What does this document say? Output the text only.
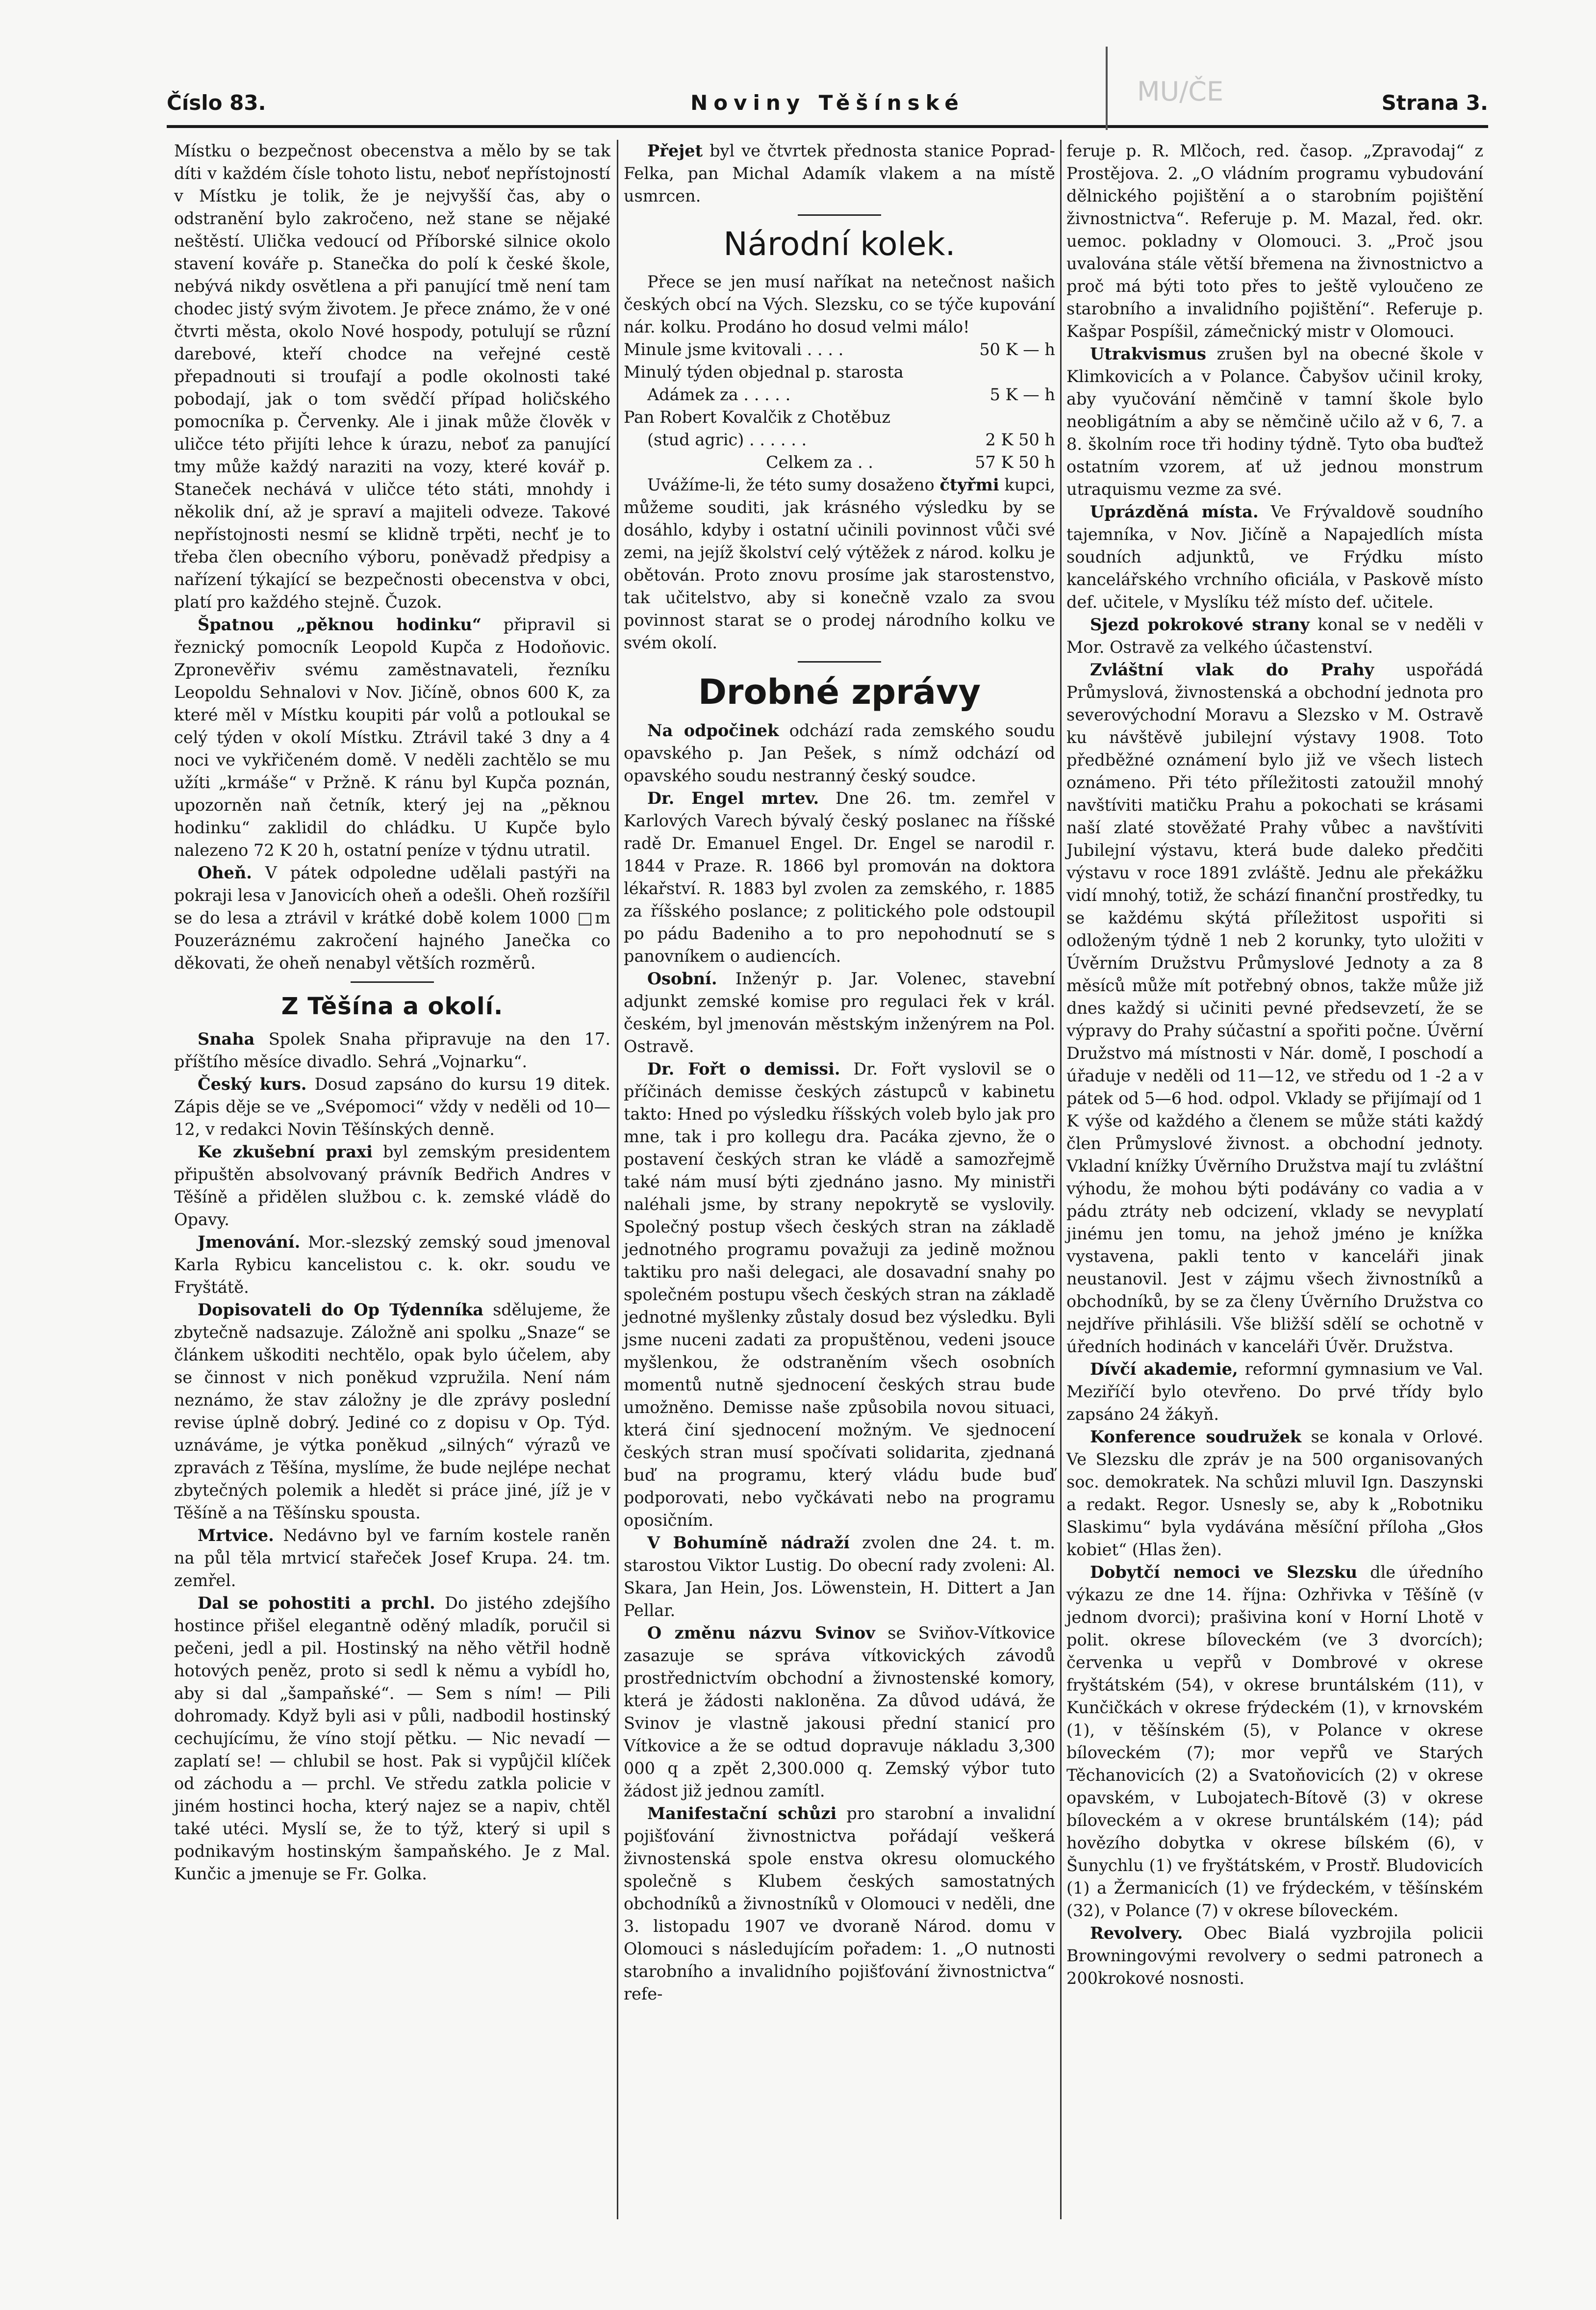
Číslo 83.	Noviny Těšínské	Strana 3.
MU/ČE

Místku o bezpečnost obecenstva a mělo by se tak díti v každém čísle tohoto listu, neboť nepřístojností v Místku je tolik, že je nejvyšší čas, aby o odstranění bylo zakročeno, než stane se nějaké neštěstí. Ulička vedoucí od Příborské silnice okolo stavení kováře p. Stanečka do polí k české škole, nebývá nikdy osvětlena a při panující tmě není tam chodec jistý svým životem. Je přece známo, že v oné čtvrti města, okolo Nové hospody, potulují se různí darebové, kteří chodce na veřejné cestě přepadnouti si troufají a podle okolnosti také pobodají, jak o tom svědčí případ holičského pomocníka p. Červenky. Ale i jinak může člověk v uličce této přijíti lehce k úrazu, neboť za panující tmy může každý naraziti na vozy, které kovář p. Staneček nechává v uličce této státi, mnohdy i několik dní, až je spraví a majiteli odveze. Takové nepřístojnosti nesmí se klidně trpěti, nechť je to třeba člen obecního výboru, poněvadž předpisy a nařízení týkající se bezpečnosti obecenstva v obci, platí pro každého stejně. Čuzok.

Špatnou „pěknou hodinku“ připravil si řeznický pomocník Leopold Kupča z Hodoňovic. Zpronevěřiv svému zaměstnavateli, řezníku Leopoldu Sehnalovi v Nov. Jičíně, obnos 600 K, za které měl v Místku koupiti pár volů a potloukal se celý týden v okolí Místku. Ztrávil také 3 dny a 4 noci ve vykřičeném domě. V neděli zachtělo se mu užíti „krmáše“ v Pržně. K ránu byl Kupča poznán, upozorněn naň četník, který jej na „pěknou hodinku“ zaklidil do chládku. U Kupče bylo nalezeno 72 K 20 h, ostatní peníze v týdnu utratil.

Oheň. V pátek odpoledne udělali pastýři na pokraji lesa v Janovicích oheň a odešli. Oheň rozšířil se do lesa a ztrávil v krátké době kolem 1000 □m Pouzeráznému zakročení hajného Janečka co děkovati, že oheň nenabyl větších rozměrů.

Z Těšína a okolí.

Snaha Spolek Snaha připravuje na den 17. příštího měsíce divadlo. Sehrá „Vojnarku“.

Český kurs. Dosud zapsáno do kursu 19 ditek. Zápis děje se ve „Svépomoci“ vždy v neděli od 10—12, v redakci Novin Těšínských denně.

Ke zkušební praxi byl zemským presidentem připuštěn absolvovaný právník Bedřich Andres v Těšíně a přidělen službou c. k. zemské vládě do Opavy.

Jmenování. Mor.-slezský zemský soud jmenoval Karla Rybicu kancelistou c. k. okr. soudu ve Fryštátě.

Dopisovateli do Op Týdenníka sdělujeme, že zbytečně nadsazuje. Záložně ani spolku „Snaze“ se článkem uškoditi nechtělo, opak bylo účelem, aby se činnost v nich poněkud vzpružila. Není nám neznámo, že stav záložny je dle zprávy poslední revise úplně dobrý. Jediné co z dopisu v Op. Týd. uznáváme, je výtka poněkud „silných“ výrazů ve zpravách z Těšína, myslíme, že bude nejlépe nechat zbytečných polemik a hledět si práce jiné, jíž je v Těšíně a na Těšínsku spousta.

Mrtvice. Nedávno byl ve farním kostele raněn na půl těla mrtvicí stařeček Josef Krupa. 24. tm. zemřel.

Dal se pohostiti a prchl. Do jistého zdejšího hostince přišel elegantně oděný mladík, poručil si pečeni, jedl a pil. Hostinský na něho větřil hodně hotových peněz, proto si sedl k němu a vybídl ho, aby si dal „šampaňské“. — Sem s ním! — Pili dohromady. Když byli asi v půli, nadbodil hostinský cechujícímu, že víno stojí pětku. — Nic nevadí — zaplatí se! — chlubil se host. Pak si vypůjčil klíček od záchodu a — prchl. Ve středu zatkla policie v jiném hostinci hocha, který najez se a napiv, chtěl také utéci. Myslí se, že to týž, který si upil s podnikavým hostinským šampaňského. Je z Mal. Kunčic a jmenuje se Fr. Golka.

Přejet byl ve čtvrtek přednosta stanice Poprad-Felka, pan Michal Adamík vlakem a na místě usmrcen.

Národní kolek.

Přece se jen musí naříkat na netečnost našich českých obcí na Vých. Slezsku, co se týče kupování nár. kolku. Prodáno ho dosud velmi málo!

Minule jsme kvitovali . . . .	50 K — h
Minulý týden objednal p. starosta
Adámek za . . . . .	5 K — h
Pan Robert Kovalčik z Chotěbuz
(stud agric) . . . . . .	2 K 50 h
Celkem za . .	57 K 50 h

Uvážíme-li, že této sumy dosaženo čtyřmi kupci, můžeme souditi, jak krásného výsledku by se dosáhlo, kdyby i ostatní učinili povinnost vůči své zemi, na jejíž školství celý výtěžek z národ. kolku je obětován. Proto znovu prosíme jak starostenstvo, tak učitelstvo, aby si konečně vzalo za svou povinnost starat se o prodej národního kolku ve svém okolí.

Drobné zprávy

Na odpočinek odchází rada zemského soudu opavského p. Jan Pešek, s nímž odchází od opavského soudu nestranný český soudce.

Dr. Engel mrtev. Dne 26. tm. zemřel v Karlových Varech bývalý český poslanec na říšské radě Dr. Emanuel Engel. Dr. Engel se narodil r. 1844 v Praze. R. 1866 byl promován na doktora lékařství. R. 1883 byl zvolen za zemského, r. 1885 za říšského poslance; z politického pole odstoupil po pádu Badeniho a to pro nepohodnutí se s panovníkem o audiencích.

Osobní. Inženýr p. Jar. Volenec, stavební adjunkt zemské komise pro regulaci řek v král. českém, byl jmenován městským inženýrem na Pol. Ostravě.

Dr. Fořt o demissi. Dr. Fořt vyslovil se o příčinách demisse českých zástupců v kabinetu takto: Hned po výsledku říšských voleb bylo jak pro mne, tak i pro kollegu dra. Pacáka zjevno, že o postavení českých stran ke vládě a samozřejmě také nám musí býti zjednáno jasno. My ministři naléhali jsme, by strany nepokrytě se vyslovily. Společný postup všech českých stran na základě jednotného programu považuji za jedině možnou taktiku pro naši delegaci, ale dosavadní snahy po společném postupu všech českých stran na základě jednotné myšlenky zůstaly dosud bez výsledku. Byli jsme nuceni zadati za propuštěnou, vedeni jsouce myšlenkou, že odstraněním všech osobních momentů nutně sjednocení českých strau bude umožněno. Demisse naše způsobila novou situaci, která činí sjednocení možným. Ve sjednocení českých stran musí spočívati solidarita, zjednaná buď na programu, který vládu bude buď podporovati, nebo vyčkávati nebo na programu oposičním.

V Bohumíně nádraží zvolen dne 24. t. m. starostou Viktor Lustig. Do obecní rady zvoleni: Al. Skara, Jan Hein, Jos. Löwenstein, H. Dittert a Jan Pellar.

O změnu názvu Svinov se Sviňov-Vítkovice zasazuje se správa vítkovických závodů prostřednictvím obchodní a živnostenské komory, která je žádosti nakloněna. Za důvod udává, že Svinov je vlastně jakousi přední stanicí pro Vítkovice a že se odtud dopravuje nákladu 3,300 000 q a zpět 2,300.000 q. Zemský výbor tuto žádost již jednou zamítl.

Manifestační schůzi pro starobní a invalidní pojišťování živnostnictva pořádají veškerá živnostenská spole enstva okresu olomuckého společně s Klubem českých samostatných obchodníků a živnostníků v Olomouci v neděli, dne 3. listopadu 1907 ve dvoraně Národ. domu v Olomouci s následujícím pořadem: 1. „O nutnosti starobního a invalidního pojišťování živnostnictva“ refe-

feruje p. R. Mlčoch, red. časop. „Zpravodaj“ z Prostějova. 2. „O vládním programu vybudování dělnického pojištění a o starobním pojištění živnostnictva“. Referuje p. M. Mazal, řed. okr. uemoc. pokladny v Olomouci. 3. „Proč jsou uvalována stále větší břemena na živnostnictvo a proč má býti toto přes to ještě vyloučeno ze starobního a invalidního pojištění“. Referuje p. Kašpar Pospíšil, zámečnický mistr v Olomouci.

Utrakvismus zrušen byl na obecné škole v Klimkovicích a v Polance. Čabyšov učinil kroky, aby vyučování němčině v tamní škole bylo neobligátním a aby se němčině učilo až v 6, 7. a 8. školním roce tři hodiny týdně. Tyto oba buďtež ostatním vzorem, ať už jednou monstrum utraquismu vezme za své.

Uprázděná místa. Ve Frývaldově soudního tajemníka, v Nov. Jičíně a Napajedlích místa soudních adjunktů, ve Frýdku místo kancelářského vrchního oficiála, v Paskově místo def. učitele, v Myslíku též místo def. učitele.

Sjezd pokrokové strany konal se v neděli v Mor. Ostravě za velkého účastenství.

Zvláštní vlak do Prahy uspořádá Průmyslová, živnostenská a obchodní jednota pro severovýchodní Moravu a Slezsko v M. Ostravě ku návštěvě jubilejní výstavy 1908. Toto předběžné oznámení bylo již ve všech listech oznámeno. Při této příležitosti zatoužil mnohý navštíviti matičku Prahu a pokochati se krásami naší zlaté stověžaté Prahy vůbec a navštíviti Jubilejní výstavu, která bude daleko předčiti výstavu v roce 1891 zvláště. Jednu ale překážku vidí mnohý, totiž, že schází finanční prostředky, tu se každému skýtá příležitost uspořiti si odloženým týdně 1 neb 2 korunky, tyto uložiti v Úvěrním Družstvu Průmyslové Jednoty a za 8 měsíců může mít potřebný obnos, takže může již dnes každý si učiniti pevné předsevzetí, že se výpravy do Prahy súčastní a spořiti počne. Úvěrní Družstvo má místnosti v Nár. domě, I poschodí a úřaduje v neděli od 11—12, ve středu od 1 -2 a v pátek od 5—6 hod. odpol. Vklady se přijímají od 1 K výše od každého a členem se může státi každý člen Průmyslové živnost. a obchodní jednoty. Vkladní knížky Úvěrního Družstva mají tu zvláštní výhodu, že mohou býti podávány co vadia a v pádu ztráty neb odcizení, vklady se nevyplatí jinému jen tomu, na jehož jméno je knížka vystavena, pakli tento v kanceláři jinak neustanovil. Jest v zájmu všech živnostníků a obchodníků, by se za členy Úvěrního Družstva co nejdříve přihlásili. Vše bližší sdělí se ochotně v úředních hodinách v kanceláři Úvěr. Družstva.

Dívčí akademie, reformní gymnasium ve Val. Meziříčí bylo otevřeno. Do prvé třídy bylo zapsáno 24 žákyň.

Konference soudružek se konala v Orlové. Ve Slezsku dle zpráv je na 500 organisovaných soc. demokratek. Na schůzi mluvil Ign. Daszynski a redakt. Regor. Usnesly se, aby k „Robotniku Slaskimu“ byla vydávána měsíční příloha „Głos kobiet“ (Hlas žen).

Dobytčí nemoci ve Slezsku dle úředního výkazu ze dne 14. října: Ozhřivka v Těšíně (v jednom dvorci); prašivina koní v Horní Lhotě v polit. okrese bílovеckém (ve 3 dvorcích); červenka u vepřů v Dombrové v okrese fryštátském (54), v okrese bruntálském (11), v Kunčičkách v okrese frýdeckém (1), v krnovském (1), v těšínském (5), v Polance v okrese bílovеckém (7); mor vepřů ve Starých Těchanovicích (2) a Svatoňovicích (2) v okrese opavském, v Lubojatech-Bítově (3) v okrese bílovеckém a v okrese bruntálském (14); pád hovězího dobytka v okrese bílském (6), v Šunychlu (1) ve fryštátském, v Prostř. Bludovicích (1) a Žermanicích (1) ve frýdeckém, v těšínském (32), v Polance (7) v okrese bílovеckém.

Revolvery. Obec Bialá vyzbrojila policii Browningovými revolvery o sedmi patronech a 200krokové nosnosti.
